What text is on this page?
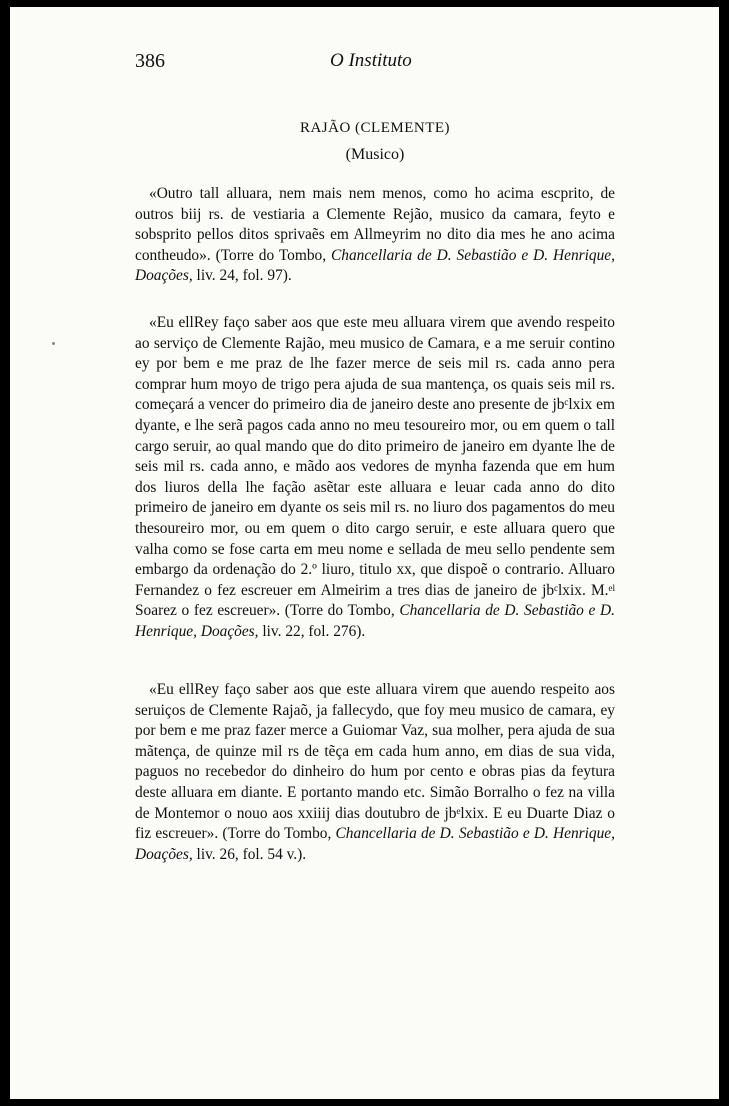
386	O Instituto
RAJÃO (CLEMENTE)
(Musico)

«Outro tall alluara, nem mais nem menos, como ho acima escprito, de outros biij rs. de vestiaria a Clemente Rejão, musico da camara, feyto e sobsprito pellos ditos sprivaẽs em Allmeyrim no dito dia mes he ano acima contheudo». (Torre do Tombo, Chancellaria de D. Sebastião e D. Henrique, Doações, liv. 24, fol. 97).

«Eu ellRey faço saber aos que este meu alluara virem que avendo respeito ao serviço de Clemente Rajão, meu musico de Camara, e a me seruir contino ey por bem e me praz de lhe fazer merce de seis mil rs. cada anno pera comprar hum moyo de trigo pera ajuda de sua mantença, os quais seis mil rs. começará a vencer do primeiro dia de janeiro deste ano presente de jbᶜlxix em dyante, e lhe serã pagos cada anno no meu tesoureiro mor, ou em quem o tall cargo seruir, ao qual mando que do dito primeiro de janeiro em dyante lhe de seis mil rs. cada anno, e mãdo aos vedores de mynha fazenda que em hum dos liuros della lhe fação asẽtar este alluara e leuar cada anno do dito primeiro de janeiro em dyante os seis mil rs. no liuro dos pagamentos do meu thesoureiro mor, ou em quem o dito cargo seruir, e este alluara quero que valha como se fose carta em meu nome e sellada de meu sello pendente sem embargo da ordenação do 2.º liuro, titulo xx, que dispoẽ o contrario. Alluaro Fernandez o fez escreuer em Almeirim a tres dias de janeiro de jbᶜlxix. M.ᵉˡ Soarez o fez escreuer». (Torre do Tombo, Chancellaria de D. Sebastião e D. Henrique, Doações, liv. 22, fol. 276).

«Eu ellRey faço saber aos que este alluara virem que auendo respeito aos seruiços de Clemente Rajaõ, ja fallecydo, que foy meu musico de camara, ey por bem e me praz fazer merce a Guiomar Vaz, sua molher, pera ajuda de sua mãtença, de quinze mil rs de tẽça em cada hum anno, em dias de sua vida, paguos no recebedor do dinheiro do hum por cento e obras pias da feytura deste alluara em diante. E portanto mando etc. Simão Borralho o fez na villa de Montemor o nouo aos xxiiij dias doutubro de jbᵉlxix. E eu Duarte Diaz o fiz escreuer». (Torre do Tombo, Chancellaria de D. Sebastião e D. Henrique, Doações, liv. 26, fol. 54 v.).
